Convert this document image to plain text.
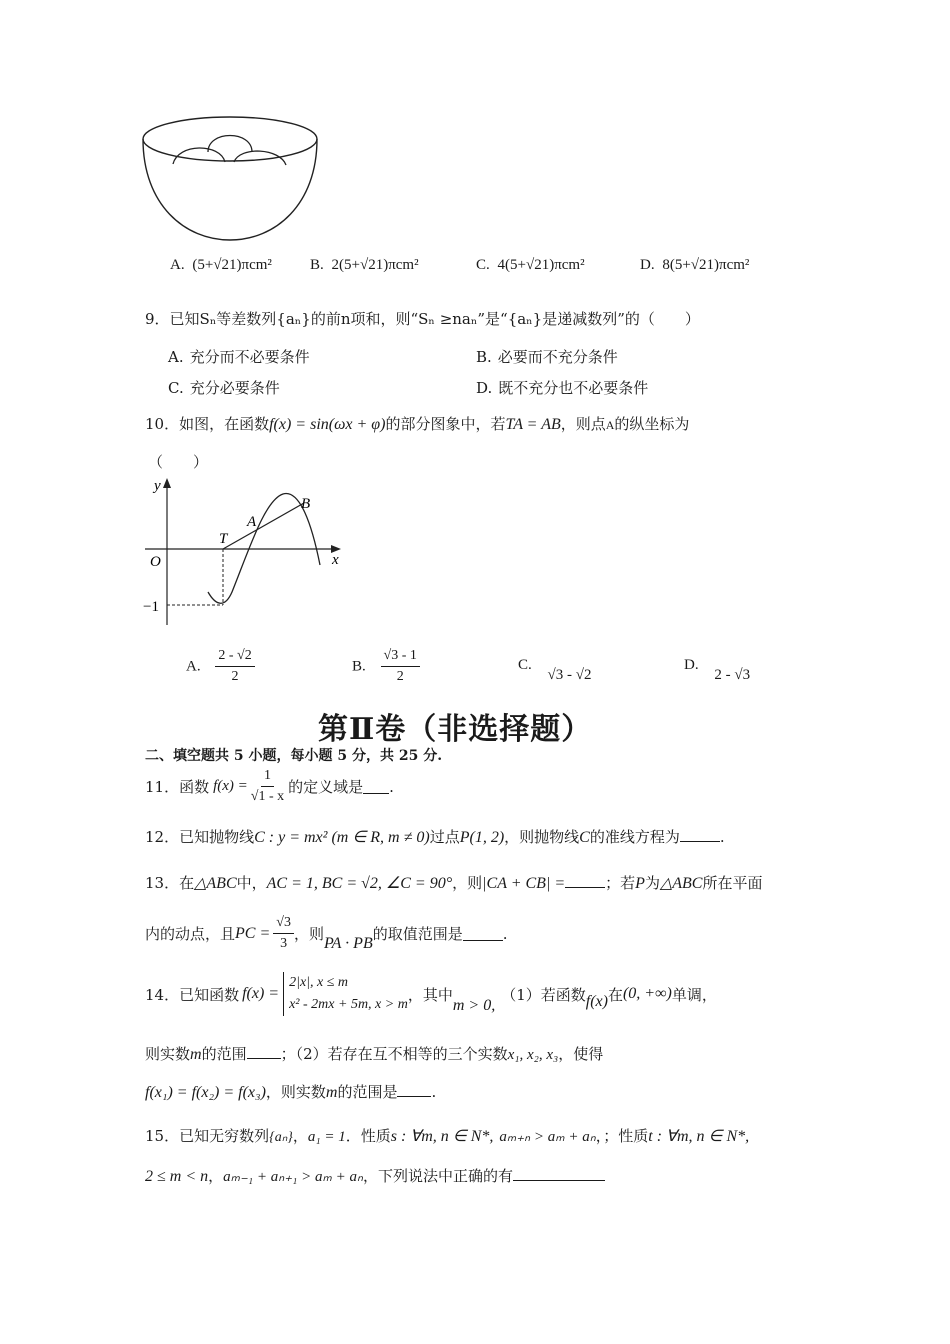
A. (5+√21)πcm²	B. 2(5+√21)πcm²	C. 4(5+√21)πcm²	D. 8(5+√21)πcm²
9．已知Sₙ等差数列{aₙ}的前n项和，则“Sₙ ≥naₙ”是“{aₙ}是递减数列”的（　　）
A. 充分而不必要条件	B. 必要而不充分条件
C. 充分必要条件	D. 既不充分也不必要条件
10．如图，在函数f(x) = sin(ωx + φ)的部分图象中，若TA = AB，则点A的纵坐标为
（　　）
y
x
O
T
A
B
−1
A. $\frac{2 - √2}{2}$	B. $\frac{√3 - 1}{2}$	C. √3 - √2
D. 2 - √3
第Ⅱ卷（非选择题）
二、填空题共 5 小题，每小题 5 分，共 25 分.
11．函数 $f(x) = \frac{1}{√1 - x}$ 的定义域是 .
12．已知抛物线C : y = mx² (m ∈ R, m ≠ 0)过点P(1, 2)，则抛物线C的准线方程为	.
13．在△ABC中，AC = 1, BC = √2, ∠C = 90°，则|CA + CB| =	；若P为△ABC所在平面
内的动点，且 PC = $\frac{√3}{3}$ ，则 PA · PB 的取值范围是	.
14．已知函数 f(x) =
2|x|, x ≤ m
x² - 2mx + 5m, x > m
，其中
m > 0,
（1）若函数 f(x) 在 (0, +∞) 单调，
则实数m的范围 ；（2）若存在互不相等的三个实数x₁, x₂, x₃，使得
f(x₁) = f(x₂) = f(x₃)，则实数m的范围是 .
15．已知无穷数列{aₙ}，a₁ = 1．性质s : ∀m, n ∈ N*, aₘ₊ₙ > aₘ + aₙ，；性质t : ∀m, n ∈ N*,
2 ≤ m < n，aₘ₋₁ + aₙ₊₁ > aₘ + aₙ，下列说法中正确的有
